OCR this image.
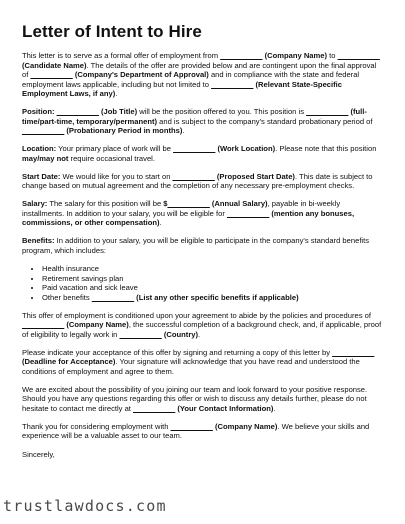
Letter of Intent to Hire

This letter is to serve as a formal offer of employment from __________ (Company Name) to __________ (Candidate Name). The details of the offer are provided below and are contingent upon the final approval of __________ (Company's Department of Approval) and in compliance with the state and federal employment laws applicable, including but not limited to __________ (Relevant State-Specific Employment Laws, if any).

Position: __________ (Job Title) will be the position offered to you. This position is __________ (full-time/part-time, temporary/permanent) and is subject to the company's standard probationary period of __________ (Probationary Period in months).

Location: Your primary place of work will be __________ (Work Location). Please note that this position may/may not require occasional travel.

Start Date: We would like for you to start on __________ (Proposed Start Date). This date is subject to change based on mutual agreement and the completion of any necessary pre-employment checks.

Salary: The salary for this position will be $__________ (Annual Salary), payable in bi-weekly installments. In addition to your salary, you will be eligible for __________ (mention any bonuses, commissions, or other compensation).

Benefits: In addition to your salary, you will be eligible to participate in the company's standard benefits program, which includes:

• Health insurance
• Retirement savings plan
• Paid vacation and sick leave
• Other benefits __________ (List any other specific benefits if applicable)

This offer of employment is conditioned upon your agreement to abide by the policies and procedures of __________ (Company Name), the successful completion of a background check, and, if applicable, proof of eligibility to legally work in __________ (Country).

Please indicate your acceptance of this offer by signing and returning a copy of this letter by __________ (Deadline for Acceptance). Your signature will acknowledge that you have read and understood the conditions of employment and agree to them.

We are excited about the possibility of you joining our team and look forward to your positive response. Should you have any questions regarding this offer or wish to discuss any details further, please do not hesitate to contact me directly at __________ (Your Contact Information).

Thank you for considering employment with __________ (Company Name). We believe your skills and experience will be a valuable asset to our team.

Sincerely,

trustlawdocs.com
